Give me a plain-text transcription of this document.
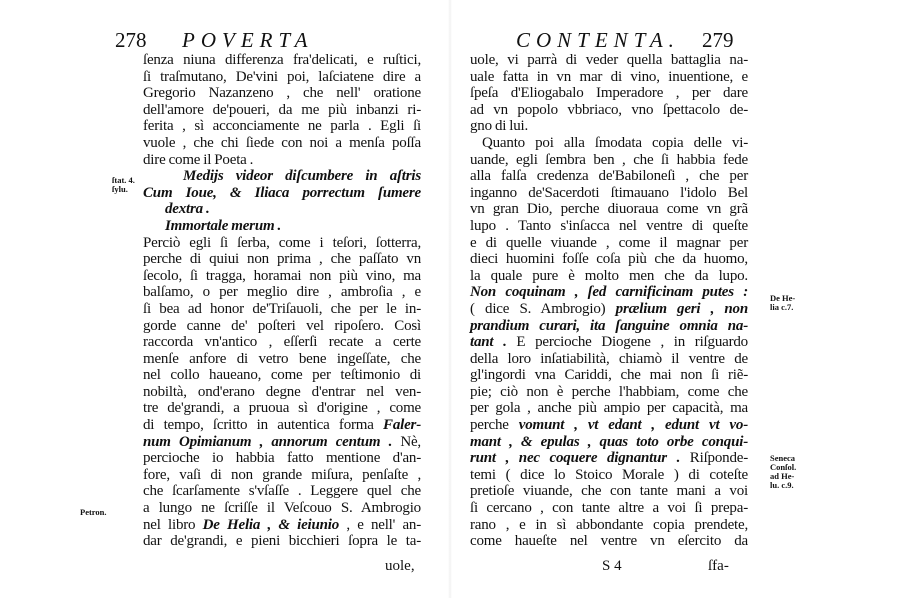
278 POVERTA
ſenza niuna differenza fra'delicati, e ruſtici,
ſi traſmutano, De'vini poi, laſciatene dire a
Gregorio Nazanzeno , che nell' oratione
dell'amore de'poueri, da me più inbanzi ri-
ferita , sì acconciamente ne parla . Egli ſi
vuole , che chi ſiede con noi a menſa poſſa
dire come il Poeta .
Medijs videor diſcumbere in aſtris
Cum Ioue, & Iliaca porrectum ſumere
dextra .
Immortale merum .
Perciò egli ſi ſerba, come i teſori, ſotterra,
perche di quiui non prima , che paſſato vn
ſecolo, ſi tragga, horamai non più vino, ma
balſamo, o per meglio dire , ambroſia , e
ſi bea ad honor de'Triſauoli, che per le in-
gorde canne de' poſteri vel ripoſero. Così
raccorda vn'antico , eſſerſi recate a certe
menſe anfore di vetro bene ingeſſate, che
nel collo haueano, come per teſtimonio di
nobiltà, ond'erano degne d'entrar nel ven-
tre de'grandi, a pruoua sì d'origine , come
di tempo, ſcritto in autentica forma Faler-
num Opimianum , annorum centum . Nè,
percioche io habbia fatto mentione d'an-
fore, vaſi di non grande miſura, penſaſte ,
che ſcarſamente s'vſaſſe . Leggere quel che
a lungo ne ſcriſſe il Veſcouo S. Ambrogio
nel libro De Helia , & ieiunio , e nell' an-
dar de'grandi, e pieni bicchieri ſopra le ta-
uole,
ſtat. 4.
ſylu.
Petron.
CONTENTA. 279
uole, vi parrà di veder quella battaglia na-
uale fatta in vn mar di vino, inuentione, e
ſpeſa d'Eliogabalo Imperadore , per dare
ad vn popolo vbbriaco, vno ſpettacolo de-
gno di lui.
Quanto poi alla ſmodata copia delle vi-
uande, egli ſembra ben , che ſi habbia fede
alla falſa credenza de'Babiloneſi , che per
inganno de'Sacerdoti ſtimauano l'idolo Bel
vn gran Dio, perche diuoraua come vn grã
lupo . Tanto s'inſacca nel ventre di queſte
e di quelle viuande , come il magnar per
dieci huomini foſſe coſa più che da huomo,
la quale pure è molto men che da lupo.
Non coquinam , ſed carnificinam putes :
( dice S. Ambrogio) prælium geri , non
prandium curari, ita ſanguine omnia na-
tant . E percioche Diogene , in riſguardo
della loro inſatiabilità, chiamò il ventre de
gl'ingordi vna Cariddi, che mai non ſi riẽ-
pie; ciò non è perche l'habbiam, come che
per gola , anche più ampio per capacità, ma
perche vomunt , vt edant , edunt vt vo-
mant , & epulas , quas toto orbe conqui-
runt , nec coquere dignantur . Riſponde-
temi ( dice lo Stoico Morale ) di coteſte
pretioſe viuande, che con tante mani a voi
ſi cercano , con tante altre a voi ſi prepa-
rano , e in sì abbondante copia prendete,
come haueſte nel ventre vn eſercito da
S 4	ſfa-
De He-
lia c.7.
Seneca
Conſol.
ad He-
lu. c.9.
